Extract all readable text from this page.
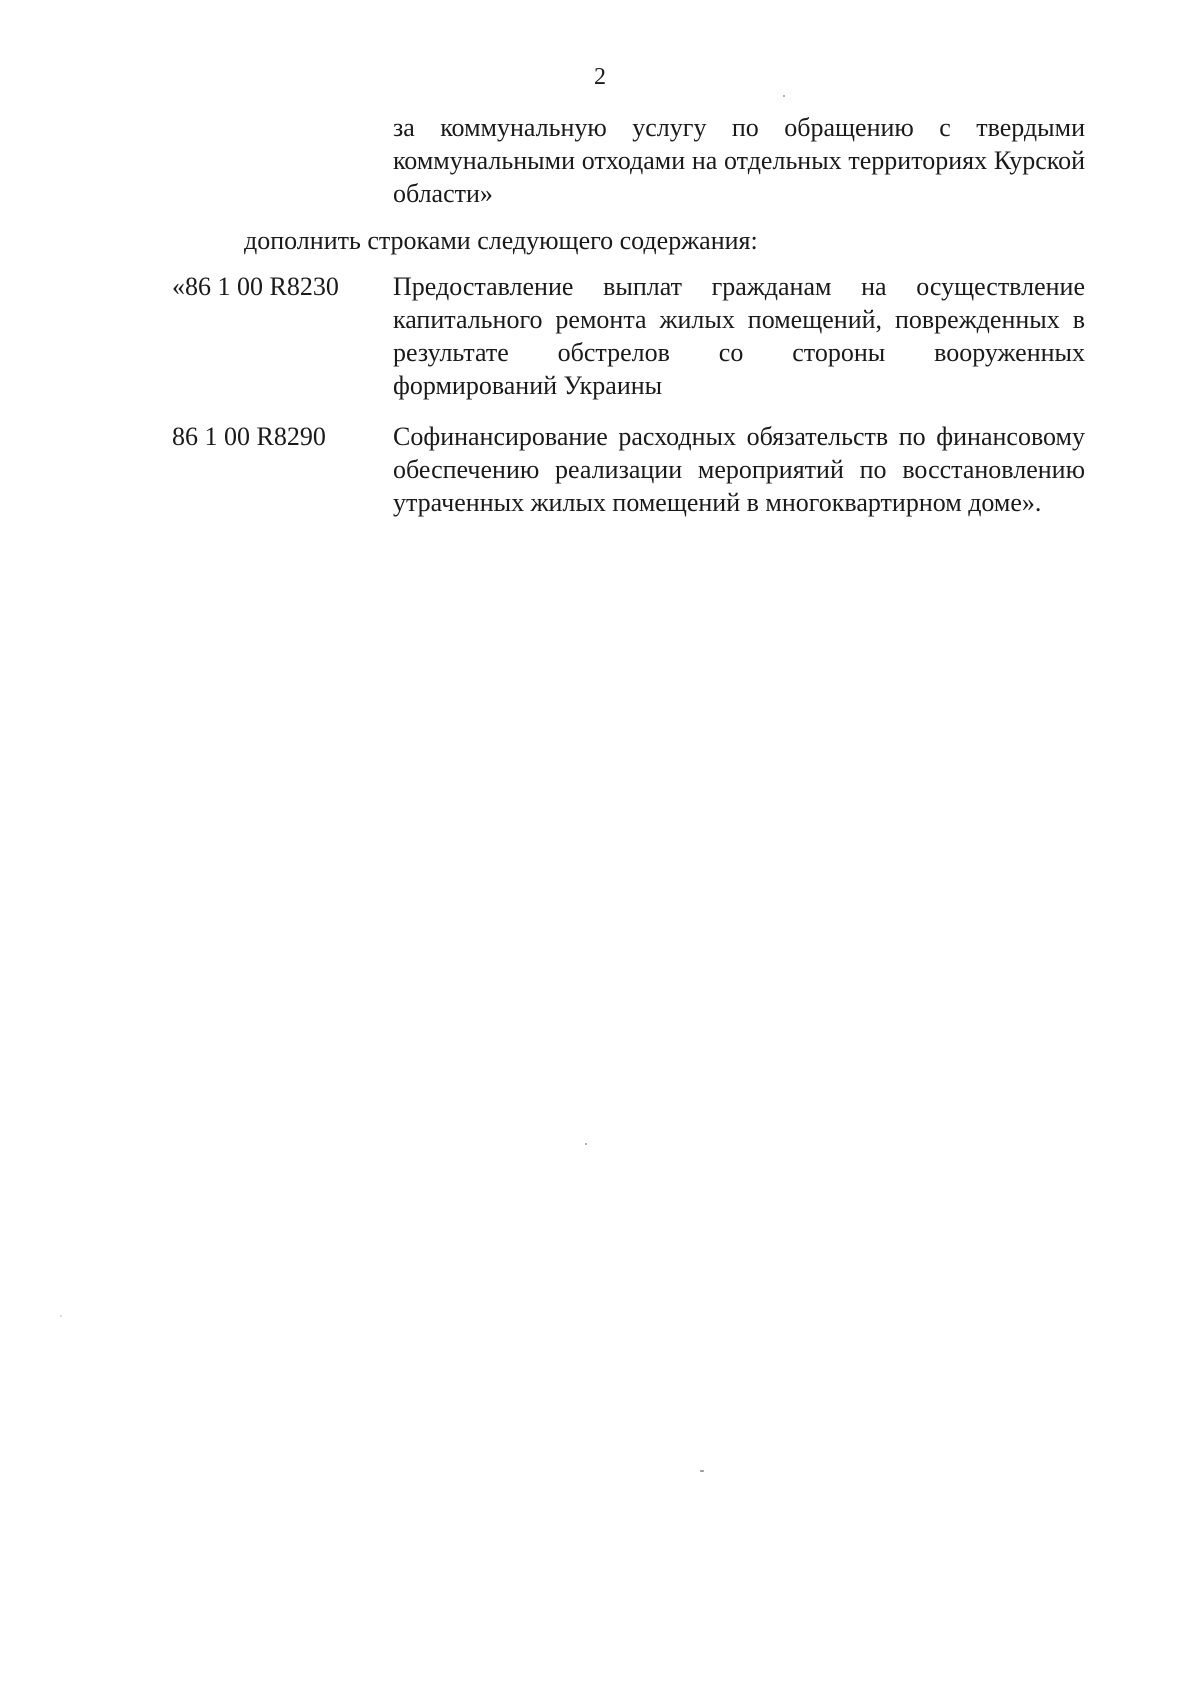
2
за коммунальную услугу по обращению с твердыми коммунальными отходами на отдельных территориях Курской области»
дополнить строками следующего содержания:
«86 1 00 R8230 Предоставление выплат гражданам на осуществление капитального ремонта жилых помещений, поврежденных в результате обстрелов со стороны вооруженных формирований Украины
86 1 00 R8290	Софинансирование расходных обязательств по финансовому обеспечению реализации мероприятий по восстановлению утраченных жилых помещений в многоквартирном доме».
